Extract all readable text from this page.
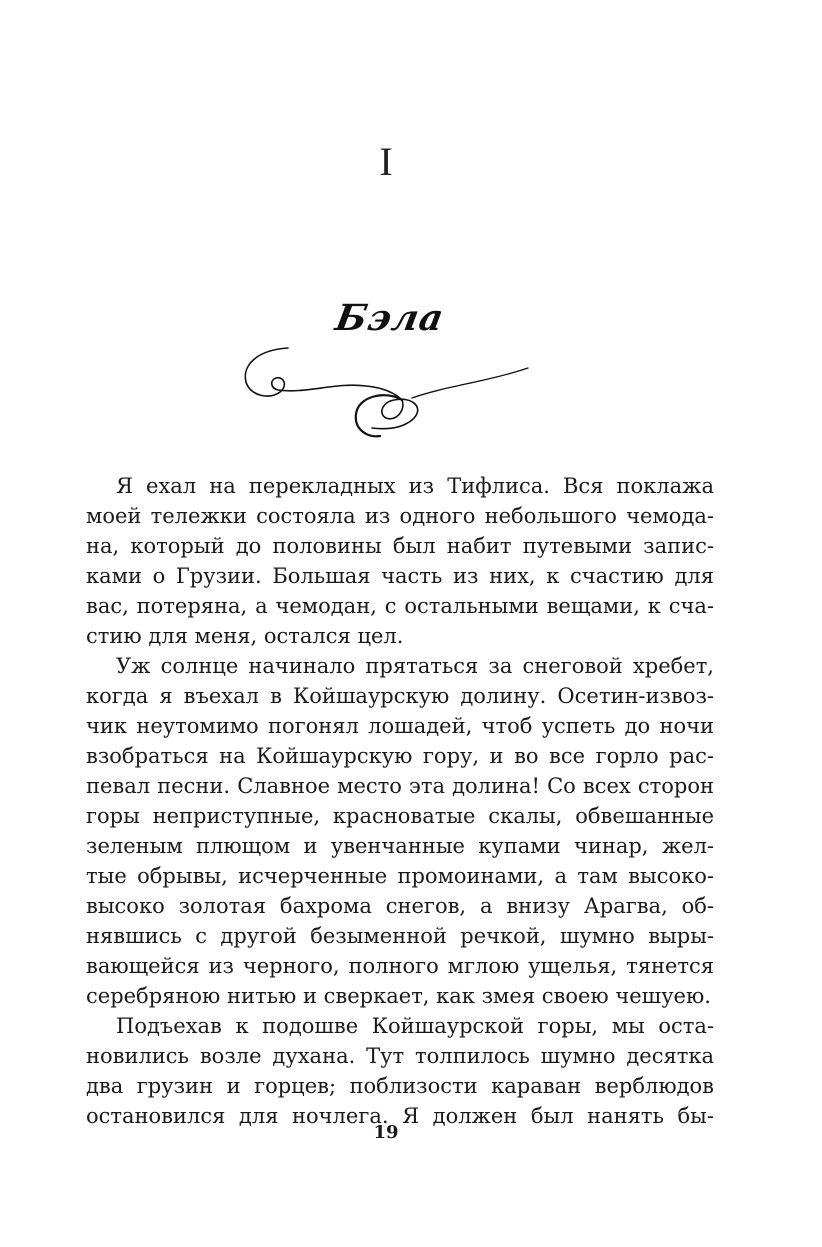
I
Бэла
Я ехал на перекладных из Тифлиса. Вся поклажа
моей тележки состояла из одного небольшого чемода-
на, который до половины был набит путевыми запис-
ками о Грузии. Большая часть из них, к счастию для
вас, потеряна, а чемодан, с остальными вещами, к сча-
стию для меня, остался цел.
Уж солнце начинало прятаться за снеговой хребет,
когда я въехал в Койшаурскую долину. Осетин-извоз-
чик неутомимо погонял лошадей, чтоб успеть до ночи
взобраться на Койшаурскую гору, и во все горло рас-
певал песни. Славное место эта долина! Со всех сторон
горы неприступные, красноватые скалы, обвешанные
зеленым плющом и увенчанные купами чинар, жел-
тые обрывы, исчерченные промоинами, а там высоко-
высоко золотая бахрома снегов, а внизу Арагва, об-
нявшись с другой безыменной речкой, шумно выры-
вающейся из черного, полного мглою ущелья, тянется
серебряною нитью и сверкает, как змея своею чешуею.
Подъехав к подошве Койшаурской горы, мы оста-
новились возле духана. Тут толпилось шумно десятка
два грузин и горцев; поблизости караван верблюдов
остановился для ночлега. Я должен был нанять бы-
19
